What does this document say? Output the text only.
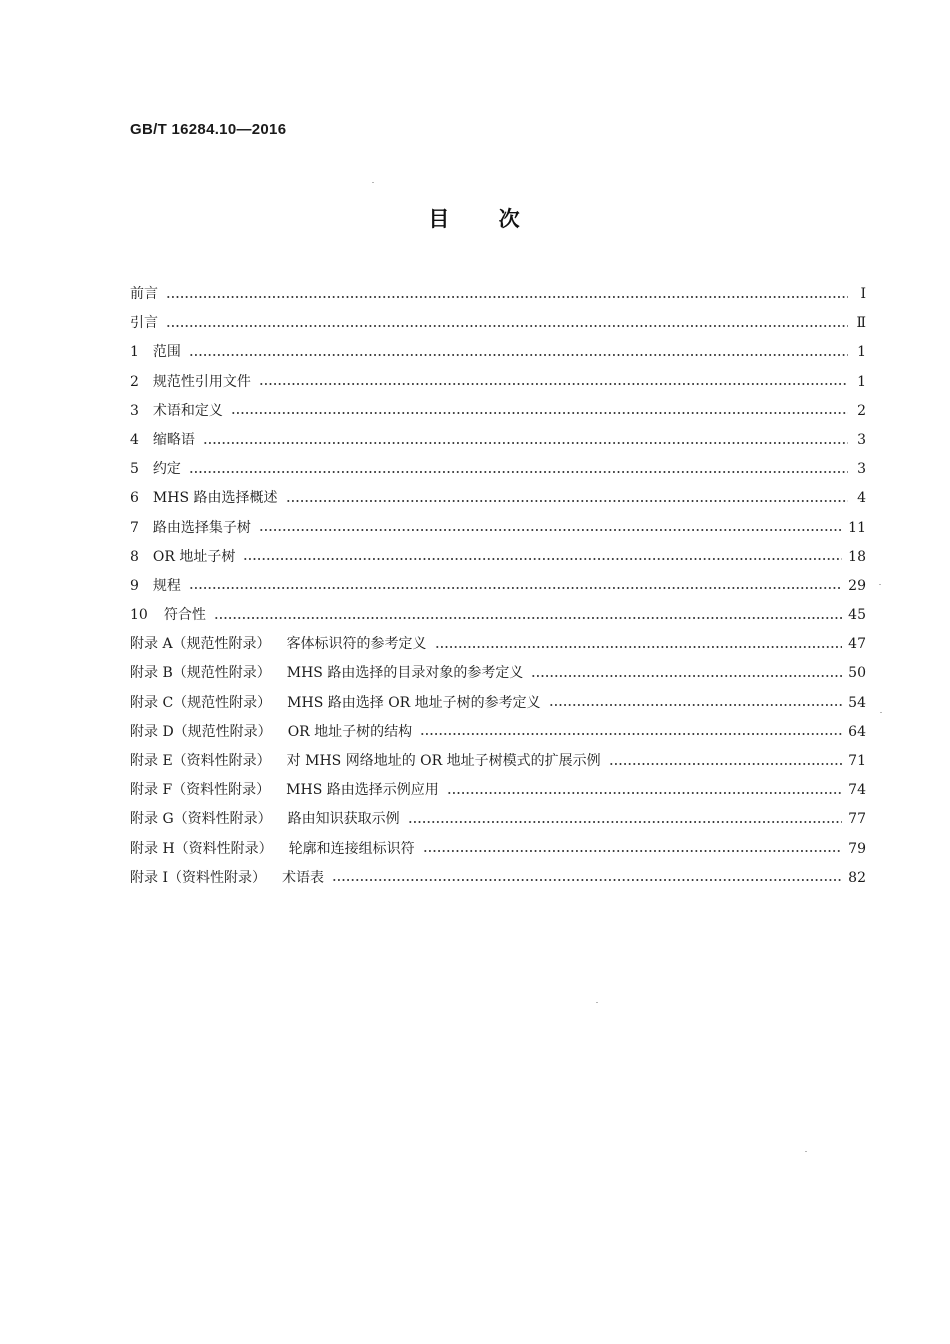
GB/T 16284.10—2016
目 次
前言	Ⅰ
引言	Ⅱ
1 范围	1
2 规范性引用文件	1
3 术语和定义	2
4 缩略语	3
5 约定	3
6 MHS 路由选择概述	4
7 路由选择集子树	11
8 OR 地址子树	18
9 规程	29
10 符合性	45
附录 A（规范性附录） 客体标识符的参考定义	47
附录 B（规范性附录） MHS 路由选择的目录对象的参考定义	50
附录 C（规范性附录） MHS 路由选择 OR 地址子树的参考定义	54
附录 D（规范性附录） OR 地址子树的结构	64
附录 E（资料性附录） 对 MHS 网络地址的 OR 地址子树模式的扩展示例	71
附录 F（资料性附录） MHS 路由选择示例应用	74
附录 G（资料性附录） 路由知识获取示例	77
附录 H（资料性附录） 轮廓和连接组标识符	79
附录 I（资料性附录） 术语表	82
